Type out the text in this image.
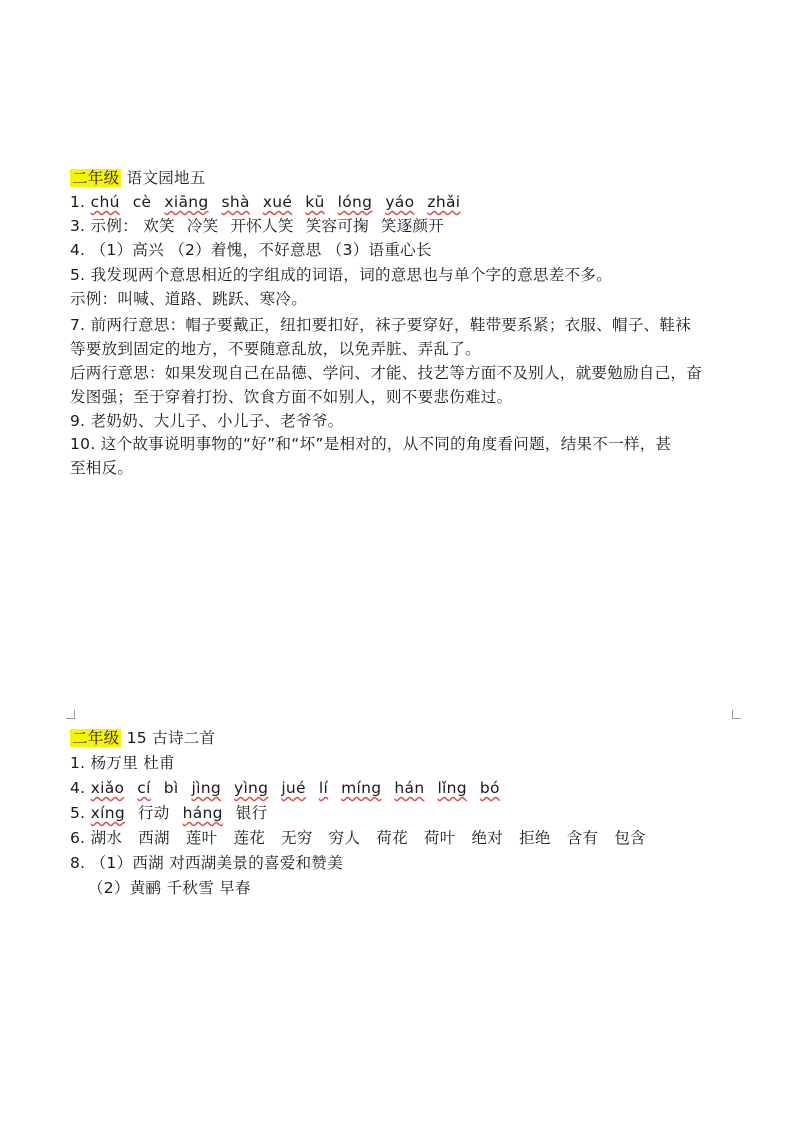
二年级 语文园地五
1. chú cè xiāng shà xué kū lóng yáo zhǎi
3. 示例： 欢笑 冷笑 开怀人笑 笑容可掬 笑逐颜开
4. （1）高兴 （2）着愧，不好意思 （3）语重心长
5. 我发现两个意思相近的字组成的词语，词的意思也与单个字的意思差不多。
示例：叫喊、道路、跳跃、寒冷。
7. 前两行意思：帽子要戴正，纽扣要扣好，袜子要穿好，鞋带要系紧；衣服、帽子、鞋袜
等要放到固定的地方，不要随意乱放，以免弄脏、弄乱了。
后两行意思：如果发现自己在品德、学问、才能、技艺等方面不及别人，就要勉励自己，奋
发图强；至于穿着打扮、饮食方面不如别人，则不要悲伤难过。
9. 老奶奶、大儿子、小儿子、老爷爷。
10. 这个故事说明事物的“好”和“坏”是相对的，从不同的角度看问题，结果不一样，甚
至相反。
二年级 15 古诗二首
1. 杨万里 杜甫
4. xiǎo cí bì jìng yìng jué lí míng hán lǐng bó
5. xíng 行动 háng 银行
6. 湖水 西湖 莲叶 莲花 无穷 穷人 荷花 荷叶 绝对 拒绝 含有 包含
8. （1）西湖 对西湖美景的喜爱和赞美
（2）黄鹂 千秋雪 早春
